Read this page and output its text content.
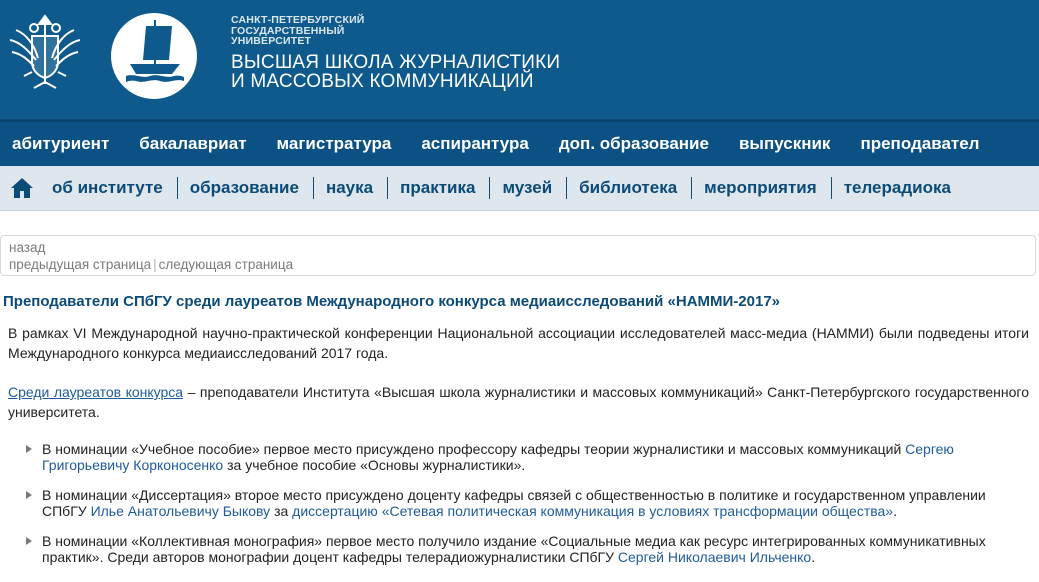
САНКТ-ПЕТЕРБУРГСКИЙ
ГОСУДАРСТВЕННЫЙ
УНИВЕРСИТЕТ
ВЫСШАЯ ШКОЛА ЖУРНАЛИСТИКИ
И МАССОВЫХ КОММУНИКАЦИЙ
абитуриент бакалавриат магистратура аспирантура доп. образование выпускник преподавател
об институте образование наука практика музей библиотека мероприятия телерадиока
назад
предыдущая страница | следующая страница
Преподаватели СПбГУ среди лауреатов Международного конкурса медиаисследований «НАММИ-2017»

В рамках VI Международной научно-практической конференции Национальной ассоциации исследователей масс-медиа (НАММИ) были подведены итоги Международного конкурса медиаисследований 2017 года.

Среди лауреатов конкурса – преподаватели Института «Высшая школа журналистики и массовых коммуникаций» Санкт-Петербургского государственного университета.

В номинации «Учебное пособие» первое место присуждено профессору кафедры теории журналистики и массовых коммуникаций Сергею Григорьевичу Корконосенко за учебное пособие «Основы журналистики».
В номинации «Диссертация» второе место присуждено доценту кафедры связей с общественностью в политике и государственном управлении СПбГУ Илье Анатольевичу Быкову за диссертацию «Сетевая политическая коммуникация в условиях трансформации общества».
В номинации «Коллективная монография» первое место получило издание «Социальные медиа как ресурс интегрированных коммуникативных практик». Среди авторов монографии доцент кафедры телерадиожурналистики СПбГУ Сергей Николаевич Ильченко.
